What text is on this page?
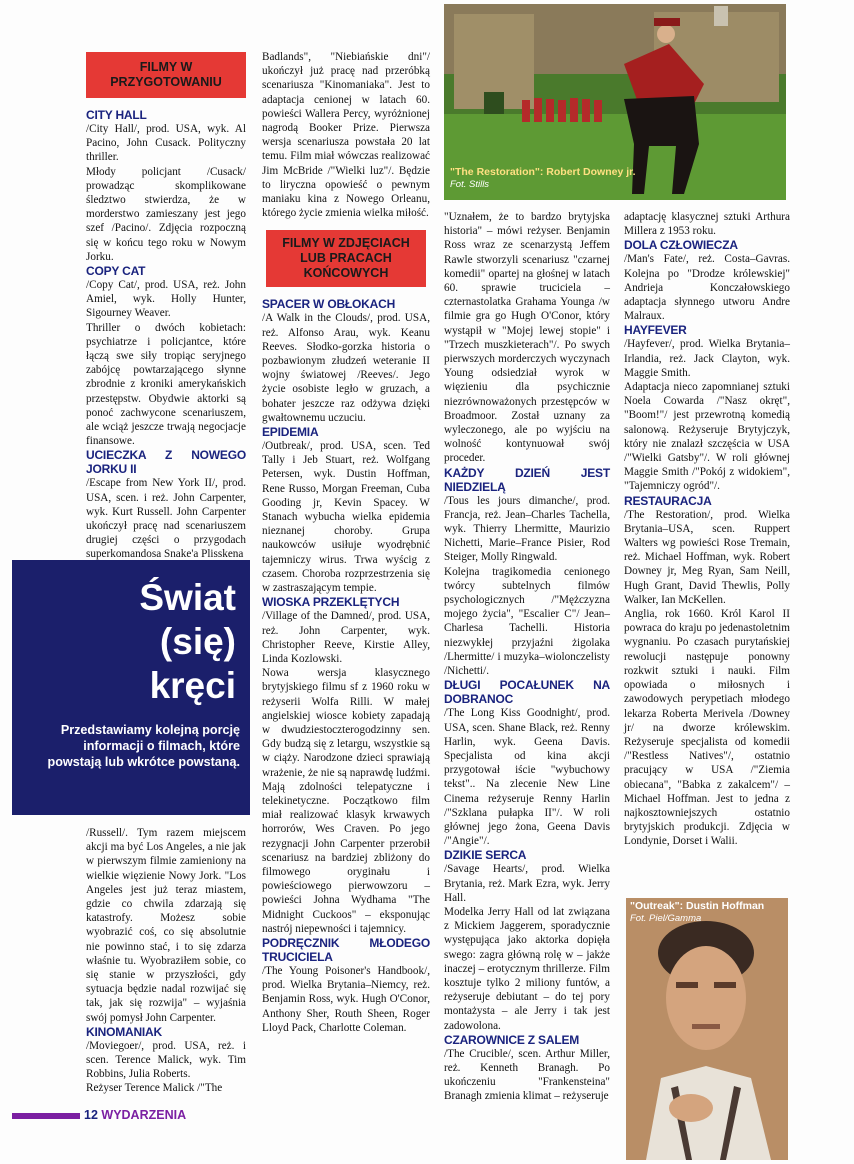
FILMY W PRZYGOTOWANIU

CITY HALL

/City Hall/, prod. USA, wyk. Al Pacino, John Cusack. Polityczny thriller.

Młody policjant /Cusack/ prowadząc skomplikowane śledztwo stwierdza, że w morderstwo zamieszany jest jego szef /Pacino/. Zdjęcia rozpoczną się w końcu tego roku w Nowym Jorku.

COPY CAT

/Copy Cat/, prod. USA, reż. John Amiel, wyk. Holly Hunter, Sigourney Weaver.

Thriller o dwóch kobietach: psychiatrze i policjantce, które łączą swe siły tropiąc seryjnego zabójcę powtarzającego słynne zbrodnie z kroniki amerykańskich przestępstw. Obydwie aktorki są ponoć zachwycone scenariuszem, ale wciąż jeszcze trwają negocjacje finansowe.

UCIECZKA Z NOWEGO JORKU II

/Escape from New York II/, prod. USA, scen. i reż. John Carpenter, wyk. Kurt Russell. John Carpenter ukończył pracę nad scenariuszem drugiej części o przygodach superkomandosa Snake'a Plisskena

Świat
(się)
kręci
Przedstawiamy kolejną porcję informacji o filmach, które powstają lub wkrótce powstaną.

/Russell/. Tym razem miejscem akcji ma być Los Angeles, a nie jak w pierwszym filmie zamieniony na wielkie więzienie Nowy Jork. "Los Angeles jest już teraz miastem, gdzie co chwila zdarzają się katastrofy. Możesz sobie wyobrazić coś, co się absolutnie nie powinno stać, i to się zdarza właśnie tu. Wyobraziłem sobie, co się stanie w przyszłości, gdy sytuacja będzie nadal rozwijać się tak, jak się rozwija" – wyjaśnia swój pomysł John Carpenter.

KINOMANIAK

/Moviegoer/, prod. USA, reż. i scen. Terence Malick, wyk. Tim Robbins, Julia Roberts.

Reżyser Terence Malick /"The

Badlands", "Niebiańskie dni"/ ukończył już pracę nad przeróbką scenariusza "Kinomaniaka". Jest to adaptacja cenionej w latach 60. powieści Wallera Percy, wyróżnionej nagrodą Booker Prize. Pierwsza wersja scenariusza powstała 20 lat temu. Film miał wówczas realizować Jim McBride /"Wielki luz"/. Będzie to liryczna opowieść o pewnym maniaku kina z Nowego Orleanu, którego życie zmienia wielka miłość.

FILMY W ZDJĘCIACH LUB PRACACH KOŃCOWYCH

SPACER W OBŁOKACH

/A Walk in the Clouds/, prod. USA, reż. Alfonso Arau, wyk. Keanu Reeves. Słodko-gorzka historia o pozbawionym złudzeń weteranie II wojny światowej /Reeves/. Jego życie osobiste legło w gruzach, a bohater jeszcze raz odżywa dzięki gwałtownemu uczuciu.

EPIDEMIA

/Outbreak/, prod. USA, scen. Ted Tally i Jeb Stuart, reż. Wolfgang Petersen, wyk. Dustin Hoffman, Rene Russo, Morgan Freeman, Cuba Gooding jr, Kevin Spacey. W Stanach wybucha wielka epidemia nieznanej choroby. Grupa naukowców usiłuje wyodrębnić tajemniczy wirus. Trwa wyścig z czasem. Choroba rozprzestrzenia się w zastraszającym tempie.

WIOSKA PRZEKLĘTYCH

/Village of the Damned/, prod. USA, reż. John Carpenter, wyk. Christopher Reeve, Kirstie Alley, Linda Kozlowski.

Nowa wersja klasycznego brytyjskiego filmu sf z 1960 roku w reżyserii Wolfa Rilli. W małej angielskiej wiosce kobiety zapadają w dwudziestoczterogodzinny sen. Gdy budzą się z letargu, wszystkie są w ciąży. Narodzone dzieci sprawiają wrażenie, że nie są naprawdę ludźmi. Mają zdolności telepatyczne i telekinetyczne. Początkowo film miał realizować klasyk krwawych horrorów, Wes Craven. Po jego rezygnacji John Carpenter przerobił scenariusz na bardziej zbliżony do filmowego oryginału i powieściowego pierwowzoru – powieści Johna Wydhama "The Midnight Cuckoos" – eksponując nastrój niepewności i tajemnicy.

PODRĘCZNIK MŁODEGO TRUCICIELA

/The Young Poisoner's Handbook/, prod. Wielka Brytania–Niemcy, reż. Benjamin Ross, wyk. Hugh O'Conor, Anthony Sher, Routh Sheen, Roger Lloyd Pack, Charlotte Coleman.

"The Restoration": Robert Downey jr.
Fot. Stills

"Uznałem, że to bardzo brytyjska historia" – mówi reżyser. Benjamin Ross wraz ze scenarzystą Jeffem Rawle stworzyli scenariusz "czarnej komedii" opartej na głośnej w latach 60. sprawie trucicielа – czternastolatka Grahama Younga /w filmie gra go Hugh O'Conor, który wystąpił w "Mojej lewej stopie" i "Trzech muszkieterach"/. Po swych pierwszych morderczych wyczynach Young odsiedział wyrok w więzieniu dla psychicznie niezrównoważonych przestępców w Broadmoor. Został uznany za wyleczonego, ale po wyjściu na wolność kontynuował swój proceder.

KAŻDY DZIEŃ JEST NIEDZIELĄ

/Tous les jours dimanche/, prod. Francja, reż. Jean–Charles Tachella, wyk. Thierry Lhermitte, Maurizio Nichetti, Marie–France Pisier, Rod Steiger, Molly Ringwald.

Kolejna tragikomedia cenionego twórcy subtelnych filmów psychologicznych /"Mężczyzna mojego życia", "Escalier C"/ Jean–Charlesa Tachelli. Historia niezwykłej przyjaźni żigolaka /Lhermitte/ i muzyka–wiolonczelisty /Nichetti/.

DŁUGI POCAŁUNEK NA DOBRANOC

/The Long Kiss Goodnight/, prod. USA, scen. Shane Black, reż. Renny Harlin, wyk. Geena Davis. Specjalista od kina akcji przygotował iście "wybuchowy tekst".. Na zlecenie New Line Cinema reżyseruje Renny Harlin /"Szklana pułapka II"/. W roli głównej jego żona, Geena Davis /"Angie"/.

DZIKIE SERCA

/Savage Hearts/, prod. Wielka Brytania, reż. Mark Ezra, wyk. Jerry Hall.

Modelka Jerry Hall od lat związana z Mickiem Jaggerem, sporadycznie występująca jako aktorka dopięła swego: zagra główną rolę w – jakże inaczej – erotycznym thrillerze. Film kosztuje tylko 2 miliony funtów, a reżyseruje debiutant – do tej pory montażysta – ale Jerry i tak jest zadowolona.

CZAROWNICE Z SALEM

/The Crucible/, scen. Arthur Miller, reż. Kenneth Branagh. Po ukończeniu "Frankensteina" Branagh zmienia klimat – reżyseruje

adaptację klasycznej sztuki Arthura Millera z 1953 roku.

DOLA CZŁOWIECZA

/Man's Fate/, reż. Costa–Gavras. Kolejna po "Drodze królewskiej" Andrieja Konczałowskiego adaptacja słynnego utworu Andre Malraux.

HAYFEVER

/Hayfever/, prod. Wielka Brytania–Irlandia, reż. Jack Clayton, wyk. Maggie Smith.

Adaptacja nieco zapomnianej sztuki Noela Cowarda /"Nasz okręt", "Boom!"/ jest przewrotną komedią salonową. Reżyseruje Brytyjczyk, który nie znalazł szczęścia w USA /"Wielki Gatsby"/. W roli głównej Maggie Smith /"Pokój z widokiem", "Tajemniczy ogród"/.

RESTAURACJA

/The Restoration/, prod. Wielka Brytania–USA, scen. Ruppert Walters wg powieści Rose Tremain, reż. Michael Hoffman, wyk. Robert Downey jr, Meg Ryan, Sam Neill, Hugh Grant, David Thewlis, Polly Walker, Ian McKellen.

Anglia, rok 1660. Król Karol II powraca do kraju po jedenastoletnim wygnaniu. Po czasach purytańskiej rewolucji następuje ponowny rozkwit sztuki i nauki. Film opowiada o miłosnych i zawodowych perypetiach młodego lekarza Roberta Merivela /Downey jr/ na dworze królewskim. Reżyseruje specjalista od komedii /"Restless Natives"/, ostatnio pracujący w USA /"Ziemia obiecana", "Babka z zakalcem"/ – Michael Hoffman. Jest to jedna z najkosztowniejszych ostatnio brytyjskich produkcji. Zdjęcia w Londynie, Dorset i Walii.

"Outreak": Dustin Hoffman
Fot. Piel/Gamma
12 WYDARZENIA
